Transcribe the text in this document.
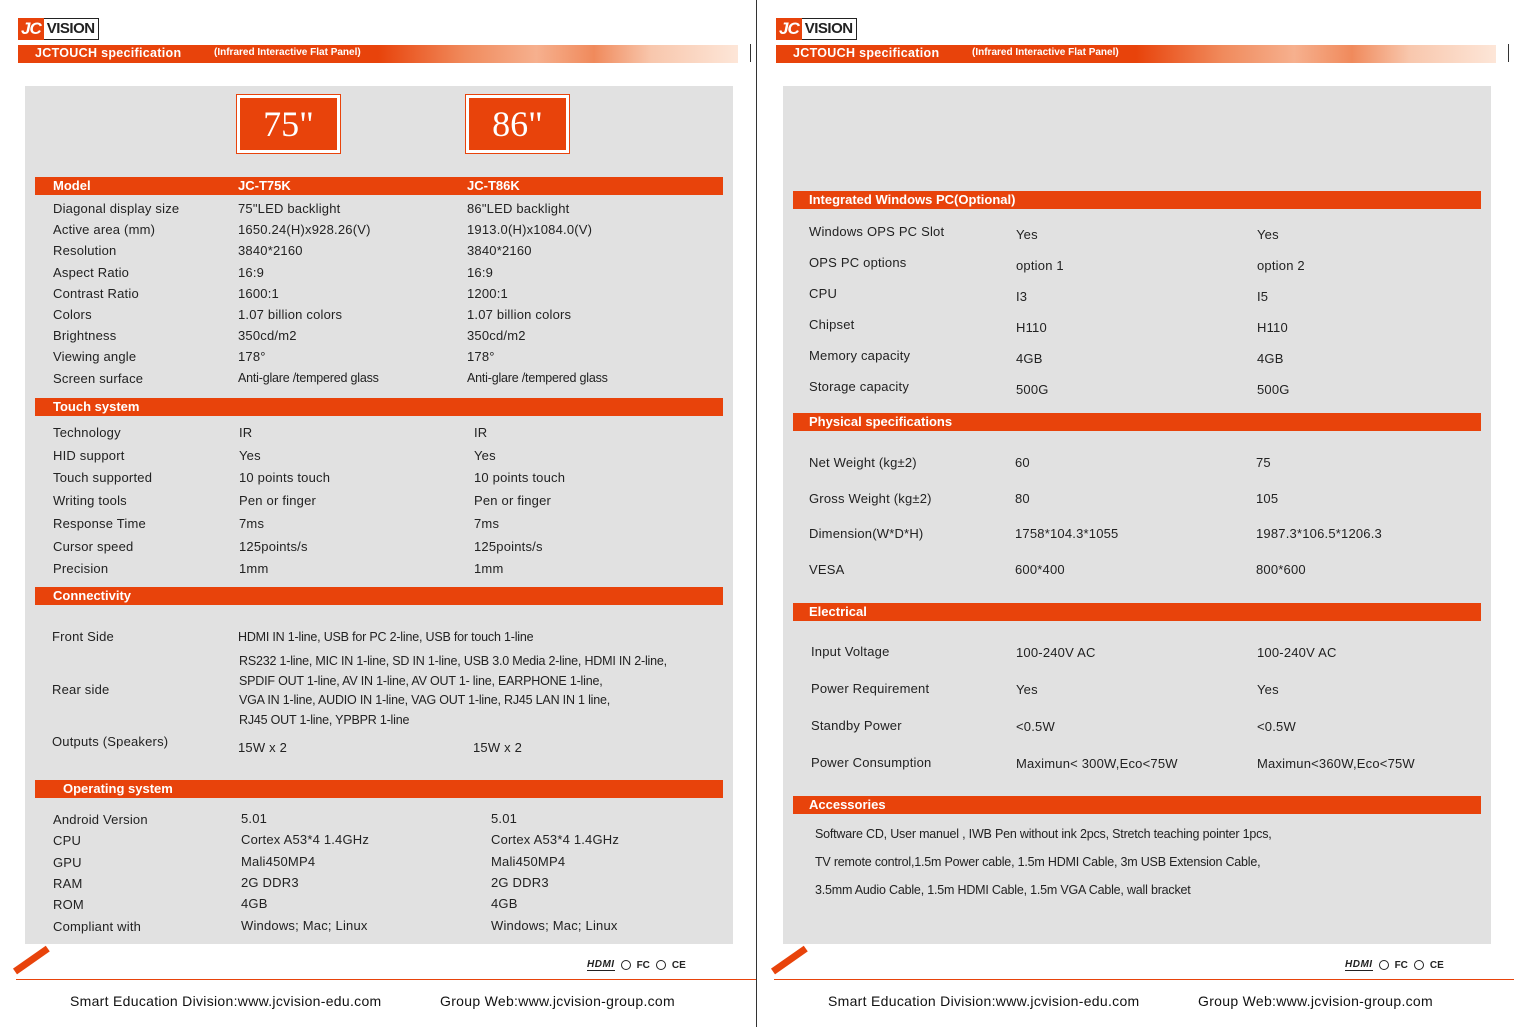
JC VISION
JCTOUCH specification	(Infrared Interactive Flat Panel)
75"	86"
Model	JC-T75K	JC-T86K
Diagonal display size	75"LED backlight	86"LED backlight
Active area (mm)	1650.24(H)x928.26(V)	1913.0(H)x1084.0(V)
Resolution	3840*2160	3840*2160
Aspect Ratio	16:9	16:9
Contrast Ratio	1600:1	1200:1
Colors	1.07 billion colors	1.07 billion colors
Brightness	350cd/m2	350cd/m2
Viewing angle	178°	178°
Screen surface	Anti-glare /tempered glass	Anti-glare /tempered glass
Touch system
Technology	IR	IR
HID support	Yes	Yes
Touch supported	10 points touch	10 points touch
Writing tools	Pen or finger	Pen or finger
Response Time	7ms	7ms
Cursor speed	125points/s	125points/s
Precision	1mm	1mm
Connectivity
Front Side	HDMI IN 1-line, USB for PC 2-line, USB for touch 1-line
Rear side
RS232 1-line, MIC IN 1-line, SD IN 1-line, USB 3.0 Media 2-line, HDMI IN 2-line,
SPDIF OUT 1-line, AV IN 1-line, AV OUT 1- line, EARPHONE 1-line,
VGA IN 1-line, AUDIO IN 1-line, VAG OUT 1-line, RJ45 LAN IN 1 line,
RJ45 OUT 1-line, YPBPR 1-line
Outputs (Speakers)	15W x 2	15W x 2
Operating system
Android Version	5.01	5.01
CPU	Cortex A53*4 1.4GHz	Cortex A53*4 1.4GHz
GPU	Mali450MP4	Mali450MP4
RAM	2G DDR3	2G DDR3
ROM	4GB	4GB
Compliant with	Windows; Mac; Linux	Windows; Mac; Linux
HDMI FC CE
Smart Education Division:www.jcvision-edu.com	Group Web:www.jcvision-group.com
JC VISION
JCTOUCH specification	(Infrared Interactive Flat Panel)
Integrated Windows PC(Optional)
Windows OPS PC Slot	Yes	Yes
OPS PC options	option 1	option 2
CPU	I3	I5
Chipset	H110	H110
Memory capacity	4GB	4GB
Storage capacity	500G	500G
Physical specifications
Net Weight (kg±2)	60	75
Gross Weight (kg±2)	80	105
Dimension(W*D*H)	1758*104.3*1055	1987.3*106.5*1206.3
VESA	600*400	800*600
Electrical
Input Voltage	100-240V AC	100-240V AC
Power Requirement	Yes	Yes
Standby Power	<0.5W	<0.5W
Power Consumption	Maximun< 300W,Eco<75W	Maximun<360W,Eco<75W
Accessories
Software CD, User manuel , IWB Pen without ink 2pcs, Stretch teaching pointer 1pcs,
TV remote control,1.5m Power cable, 1.5m HDMI Cable, 3m USB Extension Cable,
3.5mm Audio Cable, 1.5m HDMI Cable, 1.5m VGA Cable, wall bracket
HDMI FC CE
Smart Education Division:www.jcvision-edu.com	Group Web:www.jcvision-group.com
